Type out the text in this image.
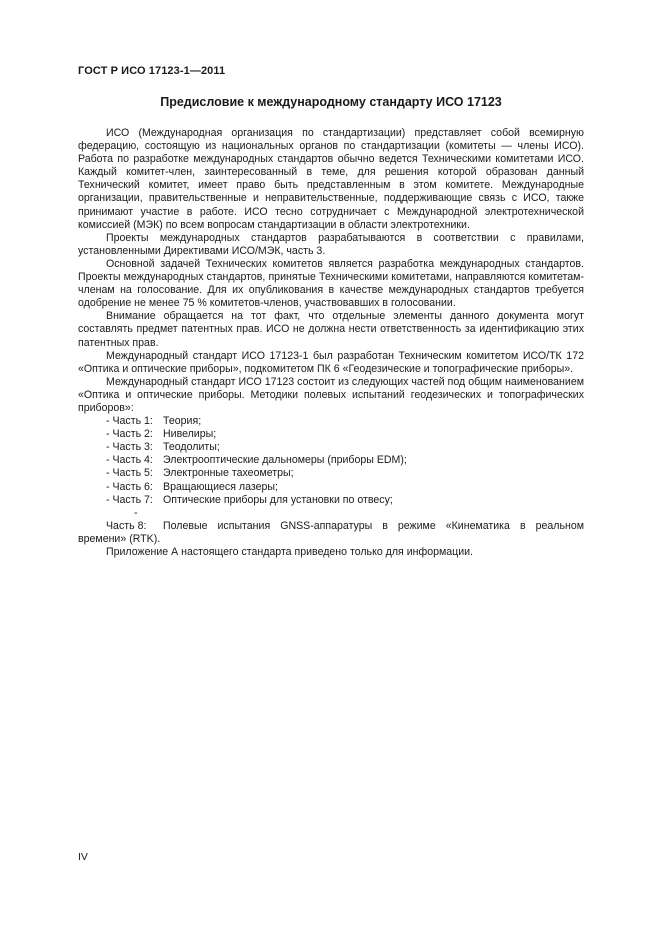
ГОСТ Р ИСО 17123-1—2011
Предисловие к международному стандарту ИСО 17123

ИСО (Международная организация по стандартизации) представляет собой всемирную федерацию, состоящую из национальных органов по стандартизации (комитеты — члены ИСО). Работа по разработке международных стандартов обычно ведется Техническими комитетами ИСО. Каждый комитет-член, заинтересованный в теме, для решения которой образован данный Технический комитет, имеет право быть представленным в этом комитете. Международные организации, правительственные и неправительственные, поддерживающие связь с ИСО, также принимают участие в работе. ИСО тесно сотрудничает с Международной электротехнической комиссией (МЭК) по всем вопросам стандартизации в области электротехники.

Проекты международных стандартов разрабатываются в соответствии с правилами, установленными Директивами ИСО/МЭК, часть 3.

Основной задачей Технических комитетов является разработка международных стандартов. Проекты международных стандартов, принятые Техническими комитетами, направляются комитетам-членам на голосование. Для их опубликования в качестве международных стандартов требуется одобрение не менее 75 % комитетов-членов, участвовавших в голосовании.

Внимание обращается на тот факт, что отдельные элементы данного документа могут составлять предмет патентных прав. ИСО не должна нести ответственность за идентификацию этих патентных прав.

Международный стандарт ИСО 17123-1 был разработан Техническим комитетом ИСО/ТК 172 «Оптика и оптические приборы», подкомитетом ПК 6 «Геодезические и топографические приборы».

Международный стандарт ИСО 17123 состоит из следующих частей под общим наименованием «Оптика и оптические приборы. Методики полевых испытаний геодезических и топографических приборов»:

- Часть 1: Теория;
- Часть 2: Нивелиры;
- Часть 3: Теодолиты;
- Часть 4: Электрооптические дальномеры (приборы EDM);
- Часть 5: Электронные тахеометры;
- Часть 6: Вращающиеся лазеры;
- Часть 7: Оптические приборы для установки по отвесу;
- Часть 8: Полевые испытания GNSS-аппаратуры в режиме «Кинематика в реальном времени» (RTK).

Приложение А настоящего стандарта приведено только для информации.

IV
